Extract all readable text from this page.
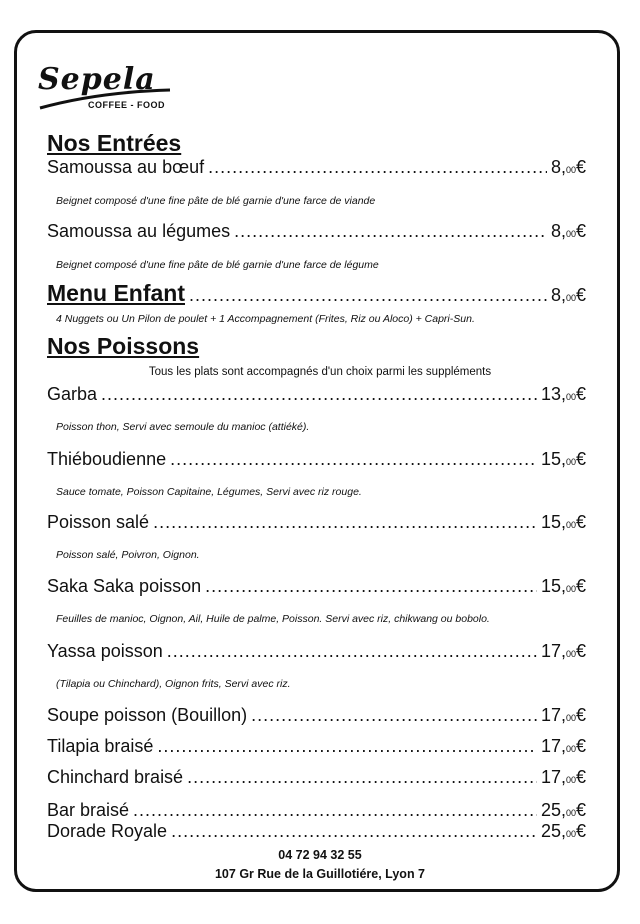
Sepela
COFFEE - FOOD
Nos Entrées
Samoussa au bœuf .....	8,00€
Beignet composé d'une fine pâte de blé garnie d'une farce de viande
Samoussa au légumes .....	8,00€
Beignet composé d'une fine pâte de blé garnie d'une farce de légume
Menu Enfant .....	8,00€
4 Nuggets ou Un Pilon de poulet + 1 Accompagnement (Frites, Riz ou Aloco) + Capri-Sun.
Nos Poissons
Tous les plats sont accompagnés d'un choix parmi les suppléments
Garba .....	13,00€
Poisson thon, Servi avec semoule du manioc (attiéké).
Thiéboudienne .....	15,00€
Sauce tomate, Poisson Capitaine, Légumes, Servi avec riz rouge.
Poisson salé .....	15,00€
Poisson salé, Poivron, Oignon.
Saka Saka poisson .....	15,00€
Feuilles de manioc, Oignon, Ail, Huile de palme, Poisson. Servi avec riz, chikwang ou bobolo.
Yassa poisson .....	17,00€
(Tilapia ou Chinchard), Oignon frits, Servi avec riz.
Soupe poisson (Bouillon) .....	17,00€
Tilapia braisé .....	17,00€
Chinchard braisé .....	17,00€
Bar braisé .....	25,00€
Dorade Royale .....	25,00€
04 72 94 32 55
107 Gr Rue de la Guillotiére, Lyon 7
